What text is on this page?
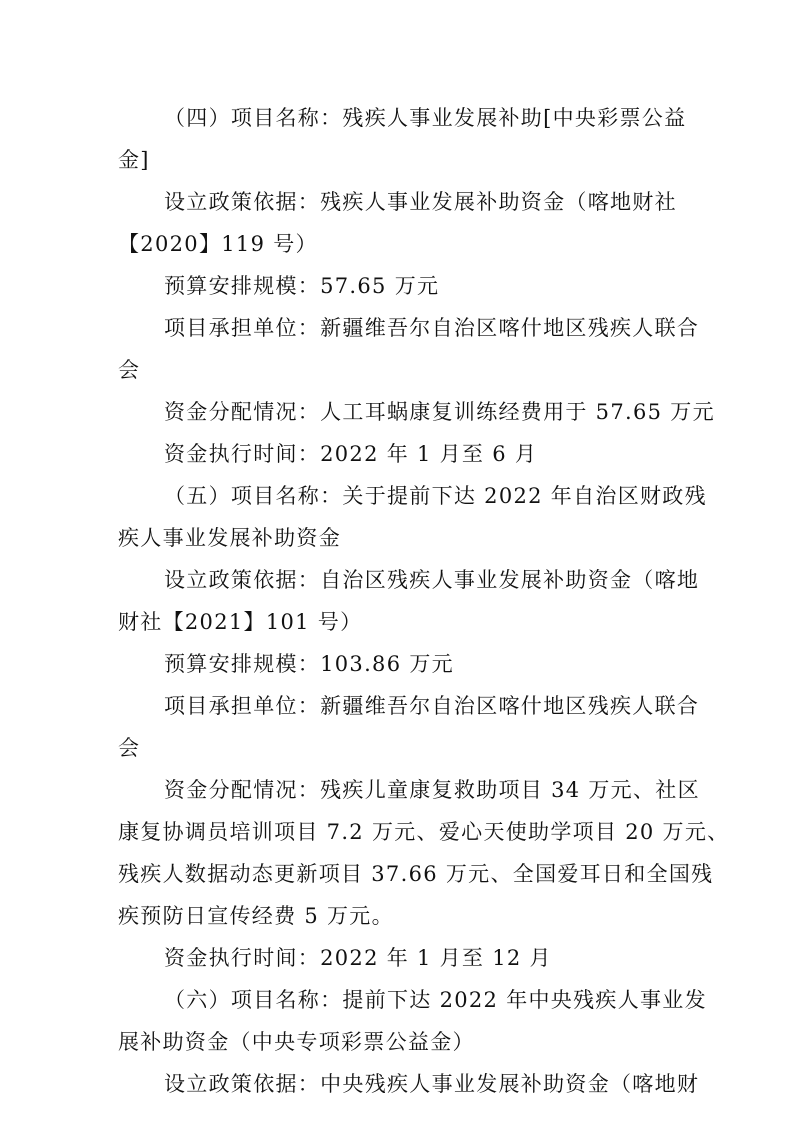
（四）项目名称：残疾人事业发展补助[中央彩票公益
金]
设立政策依据：残疾人事业发展补助资金（喀地财社
【2020】119 号）
预算安排规模：57.65 万元
项目承担单位：新疆维吾尔自治区喀什地区残疾人联合
会
资金分配情况：人工耳蜗康复训练经费用于 57.65 万元
资金执行时间：2022 年 1 月至 6 月
（五）项目名称：关于提前下达 2022 年自治区财政残
疾人事业发展补助资金
设立政策依据：自治区残疾人事业发展补助资金（喀地
财社【2021】101 号）
预算安排规模：103.86 万元
项目承担单位：新疆维吾尔自治区喀什地区残疾人联合
会
资金分配情况：残疾儿童康复救助项目 34 万元、社区
康复协调员培训项目 7.2 万元、爱心天使助学项目 20 万元、
残疾人数据动态更新项目 37.66 万元、全国爱耳日和全国残
疾预防日宣传经费 5 万元。
资金执行时间：2022 年 1 月至 12 月
（六）项目名称：提前下达 2022 年中央残疾人事业发
展补助资金（中央专项彩票公益金）
设立政策依据：中央残疾人事业发展补助资金（喀地财
